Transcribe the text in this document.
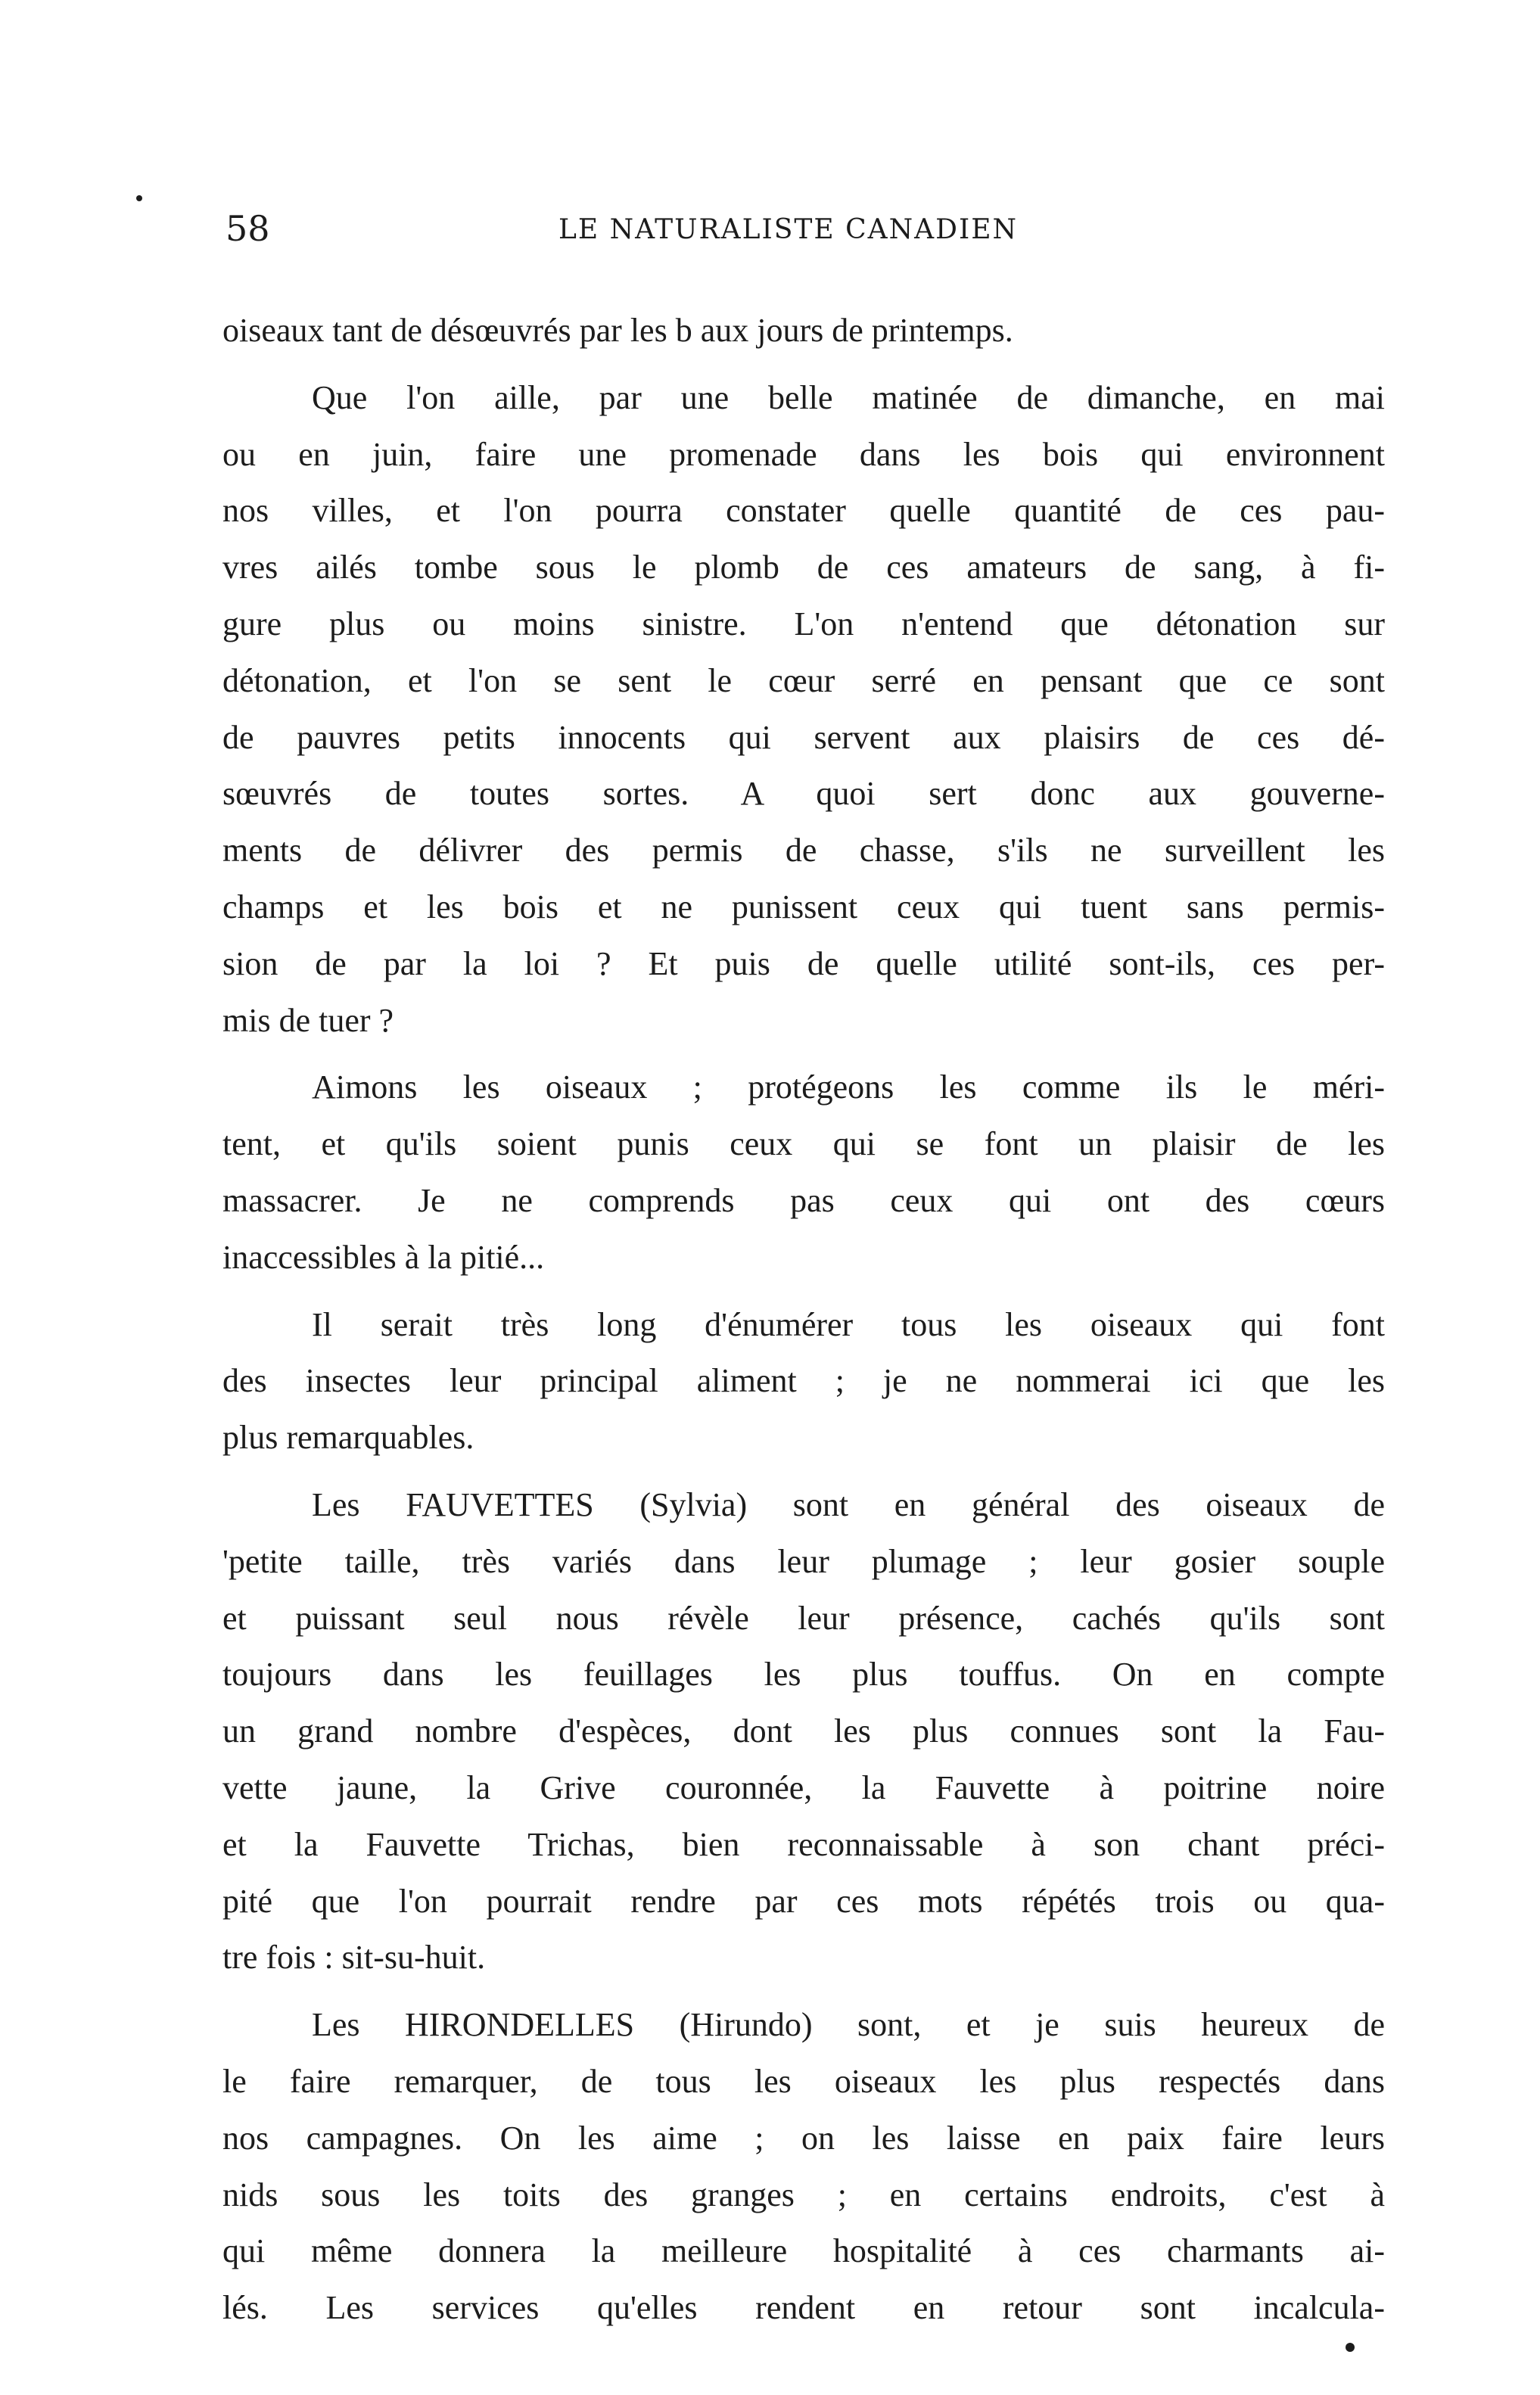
58	LE NATURALISTE CANADIEN
oiseaux tant de désœuvrés par les b aux jours de printemps.
Que l'on aille, par une belle matinée de dimanche, en mai
ou en juin, faire une promenade dans les bois qui environnent
nos villes, et l'on pourra constater quelle quantité de ces pau-
vres ailés tombe sous le plomb de ces amateurs de sang, à fi-
gure plus ou moins sinistre. L'on n'entend que détonation sur
détonation, et l'on se sent le cœur serré en pensant que ce sont
de pauvres petits innocents qui servent aux plaisirs de ces dé-
sœuvrés de toutes sortes. A quoi sert donc aux gouverne-
ments de délivrer des permis de chasse, s'ils ne surveillent les
champs et les bois et ne punissent ceux qui tuent sans permis-
sion de par la loi ? Et puis de quelle utilité sont-ils, ces per-
mis de tuer ?
Aimons les oiseaux ; protégeons les comme ils le méri-
tent, et qu'ils soient punis ceux qui se font un plaisir de les
massacrer. Je ne comprends pas ceux qui ont des cœurs
inaccessibles à la pitié...
Il serait très long d'énumérer tous les oiseaux qui font
des insectes leur principal aliment ; je ne nommerai ici que les
plus remarquables.
Les FAUVETTES (Sylvia) sont en général des oiseaux de
'petite taille, très variés dans leur plumage ; leur gosier souple
et puissant seul nous révèle leur présence, cachés qu'ils sont
toujours dans les feuillages les plus touffus. On en compte
un grand nombre d'espèces, dont les plus connues sont la Fau-
vette jaune, la Grive couronnée, la Fauvette à poitrine noire
et la Fauvette Trichas, bien reconnaissable à son chant préci-
pité que l'on pourrait rendre par ces mots répétés trois ou qua-
tre fois : sit-su-huit.
Les HIRONDELLES (Hirundo) sont, et je suis heureux de
le faire remarquer, de tous les oiseaux les plus respectés dans
nos campagnes. On les aime ; on les laisse en paix faire leurs
nids sous les toits des granges ; en certains endroits, c'est à
qui même donnera la meilleure hospitalité à ces charmants ai-
lés. Les services qu'elles rendent en retour sont incalcula-
